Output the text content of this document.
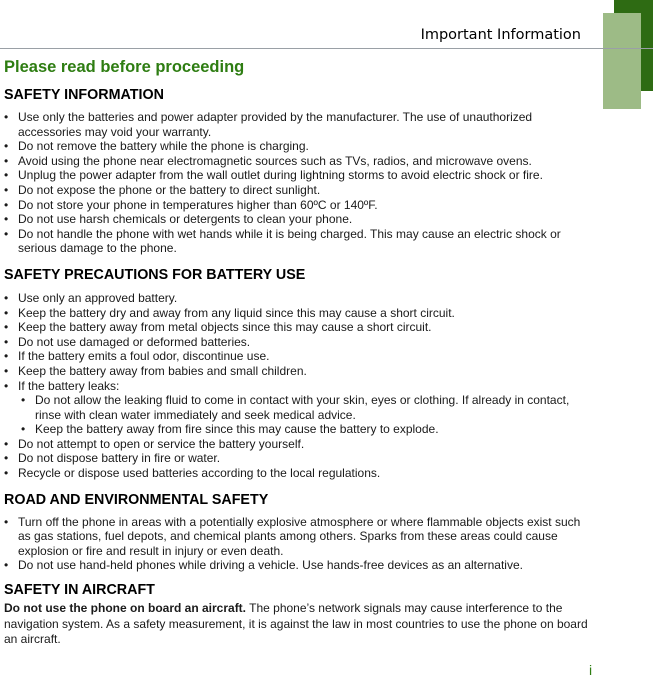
Important Information
Please read before proceeding
SAFETY INFORMATION
• Use only the batteries and power adapter provided by the manufacturer. The use of unauthorized accessories may void your warranty.
• Do not remove the battery while the phone is charging.
• Avoid using the phone near electromagnetic sources such as TVs, radios, and microwave ovens.
• Unplug the power adapter from the wall outlet during lightning storms to avoid electric shock or fire.
• Do not expose the phone or the battery to direct sunlight.
• Do not store your phone in temperatures higher than 60ºC or 140ºF.
• Do not use harsh chemicals or detergents to clean your phone.
• Do not handle the phone with wet hands while it is being charged. This may cause an electric shock or serious damage to the phone.
SAFETY PRECAUTIONS FOR BATTERY USE
• Use only an approved battery.
• Keep the battery dry and away from any liquid since this may cause a short circuit.
• Keep the battery away from metal objects since this may cause a short circuit.
• Do not use damaged or deformed batteries.
• If the battery emits a foul odor, discontinue use.
• Keep the battery away from babies and small children.
• If the battery leaks:
• Do not allow the leaking fluid to come in contact with your skin, eyes or clothing. If already in contact, rinse with clean water immediately and seek medical advice.
• Keep the battery away from fire since this may cause the battery to explode.
• Do not attempt to open or service the battery yourself.
• Do not dispose battery in fire or water.
• Recycle or dispose used batteries according to the local regulations.
ROAD AND ENVIRONMENTAL SAFETY
• Turn off the phone in areas with a potentially explosive atmosphere or where flammable objects exist such as gas stations, fuel depots, and chemical plants among others. Sparks from these areas could cause explosion or fire and result in injury or even death.
• Do not use hand-held phones while driving a vehicle. Use hands-free devices as an alternative.
SAFETY IN AIRCRAFT

Do not use the phone on board an aircraft. The phone’s network signals may cause interference to the navigation system. As a safety measurement, it is against the law in most countries to use the phone on board an aircraft.

i
